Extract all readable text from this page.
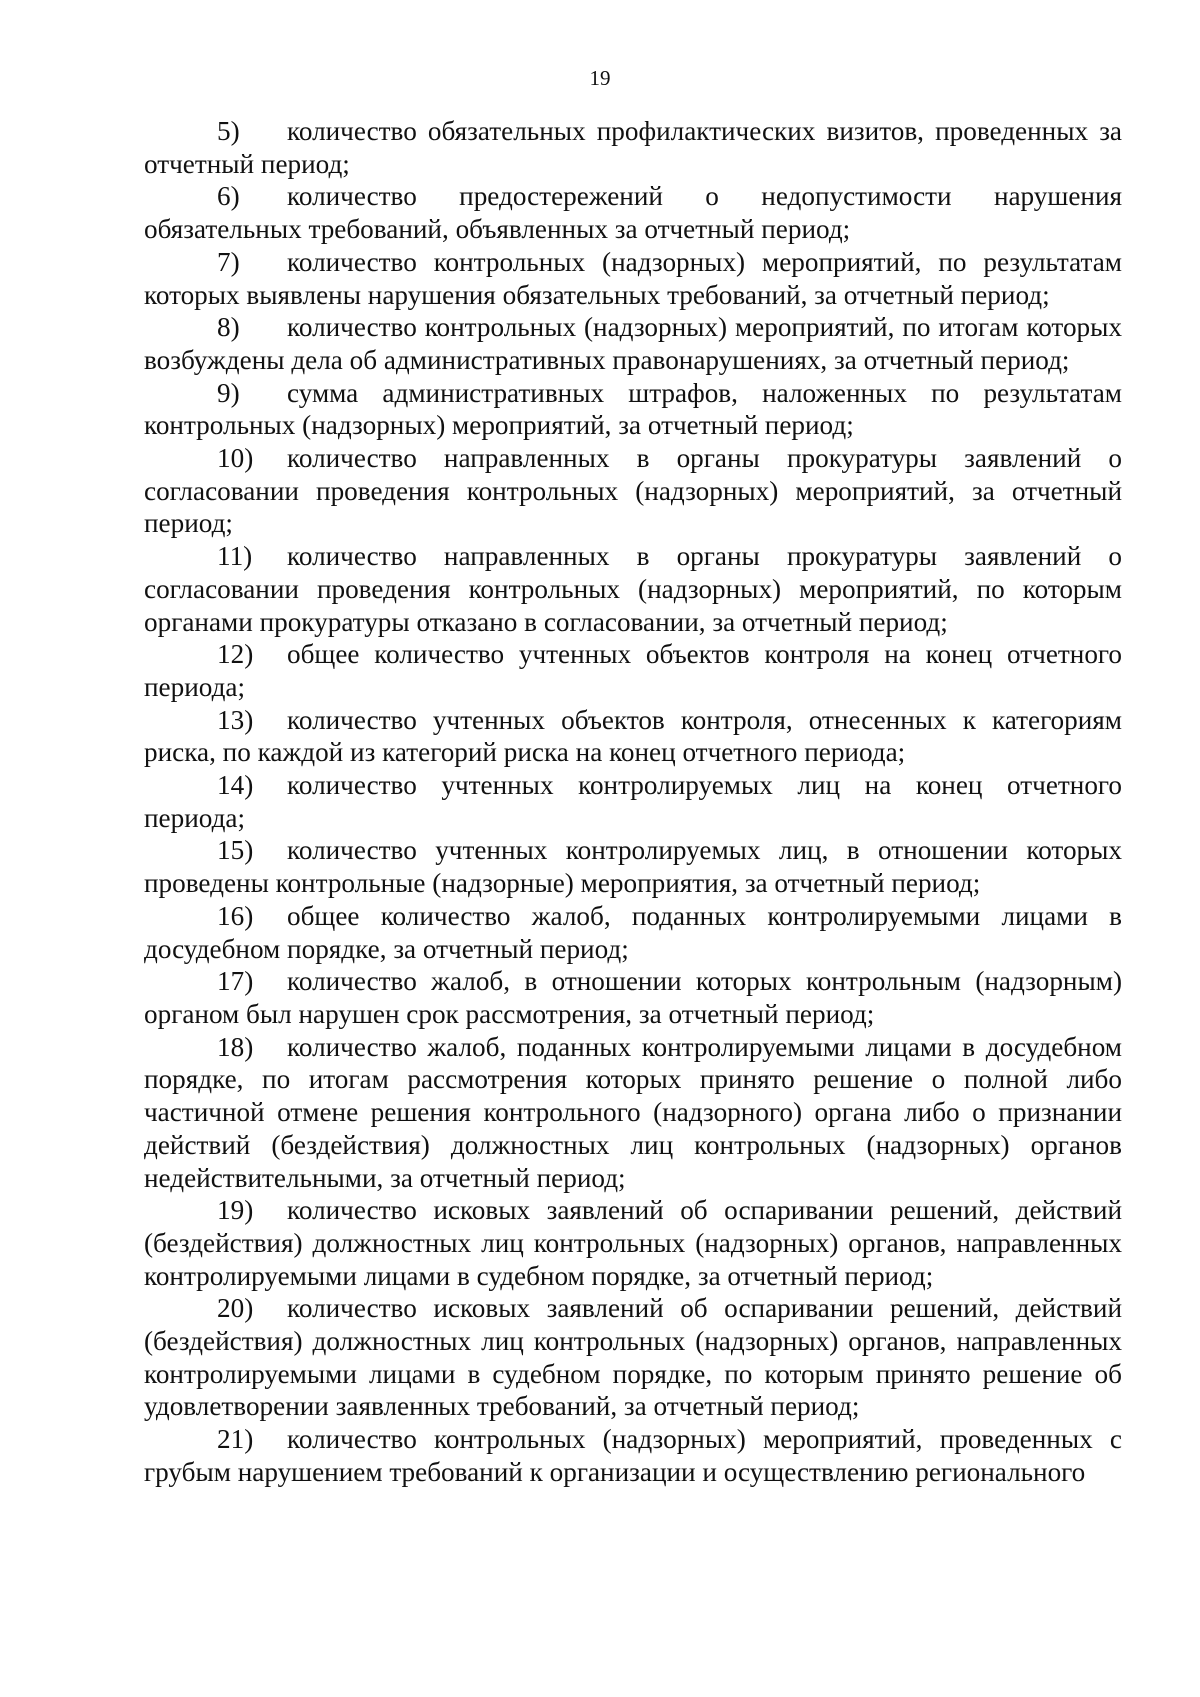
19

5) количество обязательных профилактических визитов, проведенных за отчетный период;

6) количество предостережений о недопустимости нарушения обязательных требований, объявленных за отчетный период;

7) количество контрольных (надзорных) мероприятий, по результатам которых выявлены нарушения обязательных требований, за отчетный период;

8) количество контрольных (надзорных) мероприятий, по итогам которых возбуждены дела об административных правонарушениях, за отчетный период;

9) сумма административных штрафов, наложенных по результатам контрольных (надзорных) мероприятий, за отчетный период;

10) количество направленных в органы прокуратуры заявлений о согласовании проведения контрольных (надзорных) мероприятий, за отчетный период;

11) количество направленных в органы прокуратуры заявлений о согласовании проведения контрольных (надзорных) мероприятий, по которым органами прокуратуры отказано в согласовании, за отчетный период;

12) общее количество учтенных объектов контроля на конец отчетного периода;

13) количество учтенных объектов контроля, отнесенных к категориям риска, по каждой из категорий риска на конец отчетного периода;

14) количество учтенных контролируемых лиц на конец отчетного периода;

15) количество учтенных контролируемых лиц, в отношении которых проведены контрольные (надзорные) мероприятия, за отчетный период;

16) общее количество жалоб, поданных контролируемыми лицами в досудебном порядке, за отчетный период;

17) количество жалоб, в отношении которых контрольным (надзорным) органом был нарушен срок рассмотрения, за отчетный период;

18) количество жалоб, поданных контролируемыми лицами в досудебном порядке, по итогам рассмотрения которых принято решение о полной либо частичной отмене решения контрольного (надзорного) органа либо о признании действий (бездействия) должностных лиц контрольных (надзорных) органов недействительными, за отчетный период;

19) количество исковых заявлений об оспаривании решений, действий (бездействия) должностных лиц контрольных (надзорных) органов, направленных контролируемыми лицами в судебном порядке, за отчетный период;

20) количество исковых заявлений об оспаривании решений, действий (бездействия) должностных лиц контрольных (надзорных) органов, направленных контролируемыми лицами в судебном порядке, по которым принято решение об удовлетворении заявленных требований, за отчетный период;

21) количество контрольных (надзорных) мероприятий, проведенных с грубым нарушением требований к организации и осуществлению регионального
